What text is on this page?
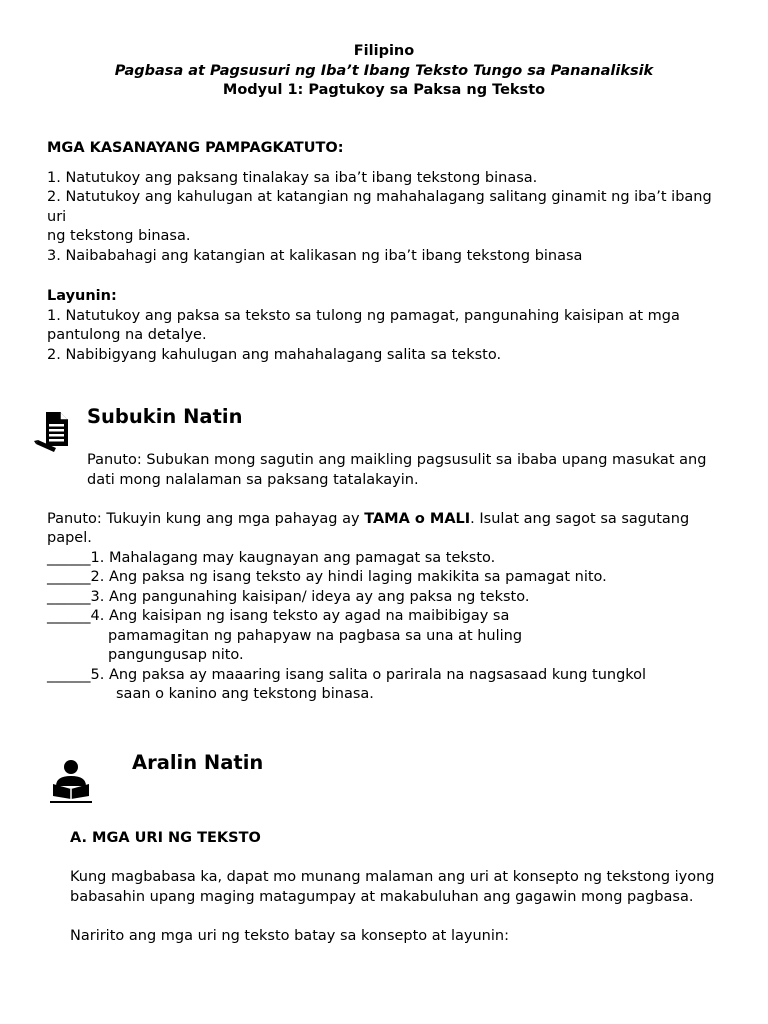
Filipino
Pagbasa at Pagsusuri ng Iba’t Ibang Teksto Tungo sa Pananaliksik
Modyul 1: Pagtukoy sa Paksa ng Teksto

MGA KASANAYANG PAMPAGKATUTO:

1. Natutukoy ang paksang tinalakay sa iba’t ibang tekstong binasa.

2. Natutukoy ang kahulugan at katangian ng mahahalagang salitang ginamit ng iba’t ibang uri

ng tekstong binasa.

3. Naibabahagi ang katangian at kalikasan ng iba’t ibang tekstong binasa

Layunin:

1. Natutukoy ang paksa sa teksto sa tulong ng pamagat, pangunahing kaisipan at mga pantulong na detalye.

2. Nabibigyang kahulugan ang mahahalagang salita sa teksto.

Subukin Natin

Panuto: Subukan mong sagutin ang maikling pagsusulit sa ibaba upang masukat ang dati mong nalalaman sa paksang tatalakayin.

Panuto: Tukuyin kung ang mga pahayag ay TAMA o MALI. Isulat ang sagot sa sagutang papel.

______1. Mahalagang may kaugnayan ang pamagat sa teksto.

______2. Ang paksa ng isang teksto ay hindi laging makikita sa pamagat nito.

______3. Ang pangunahing kaisipan/ ideya ay ang paksa ng teksto.

______4. Ang kaisipan ng isang teksto ay agad na maibibigay sa

pamamagitan ng pahapyaw na pagbasa sa una at huling

pangungusap nito.

______5. Ang paksa ay maaaring isang salita o parirala na nagsasaad kung tungkol

saan o kanino ang tekstong binasa.

Aralin Natin

A. MGA URI NG TEKSTO

Kung magbabasa ka, dapat mo munang malaman ang uri at konsepto ng tekstong iyong babasahin upang maging matagumpay at makabuluhan ang gagawin mong pagbasa.

Naririto ang mga uri ng teksto batay sa konsepto at layunin:
